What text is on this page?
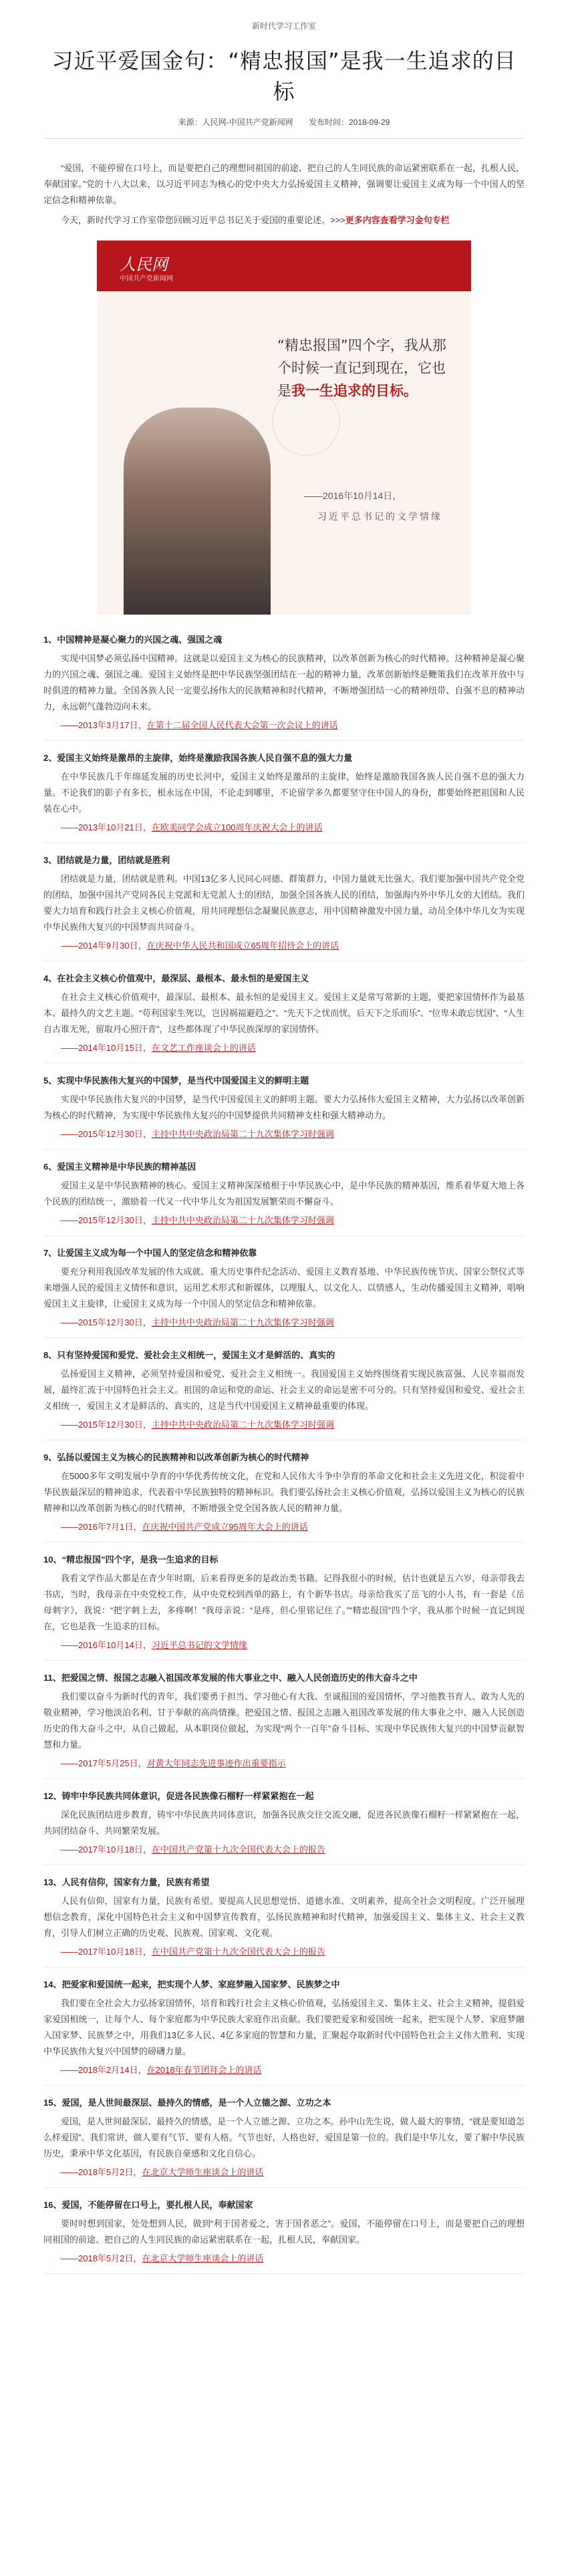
新时代学习工作室
习近平爱国金句：“精忠报国”是我一生追求的目标
来源：人民网-中国共产党新闻网 发布时间：2018-09-29

“爱国，不能停留在口号上，而是要把自己的理想同祖国的前途、把自己的人生同民族的命运紧密联系在一起，扎根人民，奉献国家。”党的十八大以来，以习近平同志为核心的党中央大力弘扬爱国主义精神，强调要让爱国主义成为每一个中国人的坚定信念和精神依靠。

今天，新时代学习工作室带您回顾习近平总书记关于爱国的重要论述。>>>更多内容查看学习金句专栏

人民网
中国共产党新闻网
“精忠报国”四个字，我从那个时候一直记到现在，它也是我一生追求的目标。
——2016年10月14日，
习近平总书记的文学情缘

1、中国精神是凝心聚力的兴国之魂、强国之魂

实现中国梦必须弘扬中国精神。这就是以爱国主义为核心的民族精神，以改革创新为核心的时代精神。这种精神是凝心聚力的兴国之魂、强国之魂。爱国主义始终是把中华民族坚强团结在一起的精神力量，改革创新始终是鞭策我们在改革开放中与时俱进的精神力量。全国各族人民一定要弘扬伟大的民族精神和时代精神，不断增强团结一心的精神纽带、自强不息的精神动力，永远朝气蓬勃迈向未来。

——2013年3月17日，在第十二届全国人民代表大会第一次会议上的讲话

2、爱国主义始终是激昂的主旋律，始终是激励我国各族人民自强不息的强大力量

在中华民族几千年绵延发展的历史长河中，爱国主义始终是激昂的主旋律，始终是激励我国各族人民自强不息的强大力量。不论我们的影子有多长，根永远在中国，不论走到哪里，不论留学多久都要坚守住中国人的身份，都要始终把祖国和人民装在心中。

——2013年10月21日，在欧美同学会成立100周年庆祝大会上的讲话

3、团结就是力量，团结就是胜利

团结就是力量，团结就是胜利。中国13亿多人民同心同德、群策群力，中国力量就无比强大。我们要加强中国共产党全党的团结，加强中国共产党同各民主党派和无党派人士的团结，加强全国各族人民的团结，加强海内外中华儿女的大团结。我们要大力培育和践行社会主义核心价值观，用共同理想信念凝聚民族意志，用中国精神激发中国力量，动员全体中华儿女为实现中华民族伟大复兴的中国梦而共同奋斗。

——2014年9月30日，在庆祝中华人民共和国成立65周年招待会上的讲话

4、在社会主义核心价值观中，最深层、最根本、最永恒的是爱国主义

在社会主义核心价值观中，最深层、最根本、最永恒的是爱国主义。爱国主义是常写常新的主题，要把家国情怀作为最基本、最持久的文艺主题。“苟利国家生死以，岂因祸福避趋之”、“先天下之忧而忧，后天下之乐而乐”、“位卑未敢忘忧国”、“人生自古谁无死，留取丹心照汗青”，这些都体现了中华民族深厚的家国情怀。

——2014年10月15日，在文艺工作座谈会上的讲话

5、实现中华民族伟大复兴的中国梦，是当代中国爱国主义的鲜明主题

实现中华民族伟大复兴的中国梦，是当代中国爱国主义的鲜明主题。要大力弘扬伟大爱国主义精神，大力弘扬以改革创新为核心的时代精神，为实现中华民族伟大复兴的中国梦提供共同精神支柱和强大精神动力。

——2015年12月30日，主持中共中央政治局第二十九次集体学习时强调

6、爱国主义精神是中华民族的精神基因

爱国主义是中华民族精神的核心。爱国主义精神深深植根于中华民族心中，是中华民族的精神基因，维系着华夏大地上各个民族的团结统一，激励着一代又一代中华儿女为祖国发展繁荣而不懈奋斗。

——2015年12月30日，主持中共中央政治局第二十九次集体学习时强调

7、让爱国主义成为每一个中国人的坚定信念和精神依靠

要充分利用我国改革发展的伟大成就、重大历史事件纪念活动、爱国主义教育基地、中华民族传统节庆、国家公祭仪式等来增强人民的爱国主义情怀和意识，运用艺术形式和新媒体，以理服人、以文化人、以情感人，生动传播爱国主义精神，唱响爱国主义主旋律，让爱国主义成为每一个中国人的坚定信念和精神依靠。

——2015年12月30日，主持中共中央政治局第二十九次集体学习时强调

8、只有坚持爱国和爱党、爱社会主义相统一，爱国主义才是鲜活的、真实的

弘扬爱国主义精神，必须坚持爱国和爱党、爱社会主义相统一。我国爱国主义始终围绕着实现民族富强、人民幸福而发展，最终汇流于中国特色社会主义。祖国的命运和党的命运、社会主义的命运是密不可分的。只有坚持爱国和爱党、爱社会主义相统一，爱国主义才是鲜活的、真实的，这是当代中国爱国主义精神最重要的体现。

——2015年12月30日，主持中共中央政治局第二十九次集体学习时强调

9、弘扬以爱国主义为核心的民族精神和以改革创新为核心的时代精神

在5000多年文明发展中孕育的中华优秀传统文化，在党和人民伟大斗争中孕育的革命文化和社会主义先进文化，积淀着中华民族最深层的精神追求，代表着中华民族独特的精神标识。我们要弘扬社会主义核心价值观，弘扬以爱国主义为核心的民族精神和以改革创新为核心的时代精神，不断增强全党全国各族人民的精神力量。

——2016年7月1日，在庆祝中国共产党成立95周年大会上的讲话

10、“精忠报国”四个字，是我一生追求的目标

我看文学作品大都是在青少年时期，后来看得更多的是政治类书籍。记得我很小的时候，估计也就是五六岁，母亲带我去书店，当时，我母亲在中央党校工作，从中央党校到西单的路上，有个新华书店。母亲给我买了岳飞的小人书，有一套是《岳母刺字》，我说：“把字刺上去，多疼啊！”我母亲说：“是疼，但心里铭记住了。”“精忠报国”四个字，我从那个时候一直记到现在，它也是我一生追求的目标。

——2016年10月14日，习近平总书记的文学情缘

11、把爱国之情、报国之志融入祖国改革发展的伟大事业之中、融入人民创造历史的伟大奋斗之中

我们要以奋斗为新时代的青年，我们要勇于担当、学习他心有大我、至诚报国的爱国情怀，学习他教书育人、敢为人先的敬业精神，学习他淡泊名利、甘于奉献的高尚情操。把爱国之情、报国之志融入祖国改革发展的伟大事业之中、融入人民创造历史的伟大奋斗之中，从自己做起，从本职岗位做起，为实现“两个一百年”奋斗目标、实现中华民族伟大复兴的中国梦贡献智慧和力量。

——2017年5月25日，对黄大年同志先进事迹作出重要指示

12、铸牢中华民族共同体意识，促进各民族像石榴籽一样紧紧抱在一起

深化民族团结进步教育，铸牢中华民族共同体意识，加强各民族交往交流交融，促进各民族像石榴籽一样紧紧抱在一起，共同团结奋斗、共同繁荣发展。

——2017年10月18日，在中国共产党第十九次全国代表大会上的报告

13、人民有信仰，国家有力量，民族有希望

人民有信仰，国家有力量，民族有希望。要提高人民思想觉悟、道德水准、文明素养，提高全社会文明程度。广泛开展理想信念教育，深化中国特色社会主义和中国梦宣传教育，弘扬民族精神和时代精神，加强爱国主义、集体主义、社会主义教育，引导人们树立正确的历史观、民族观、国家观、文化观。

——2017年10月18日，在中国共产党第十九次全国代表大会上的报告

14、把爱家和爱国统一起来，把实现个人梦、家庭梦融入国家梦、民族梦之中

我们要在全社会大力弘扬家国情怀，培育和践行社会主义核心价值观，弘扬爱国主义、集体主义、社会主义精神，提倡爱家爱国相统一，让每个人、每个家庭都为中华民族大家庭作出贡献。我们要把爱家和爱国统一起来，把实现个人梦、家庭梦融入国家梦、民族梦之中，用我们13亿多人民、4亿多家庭的智慧和力量，汇聚起夺取新时代中国特色社会主义伟大胜利、实现中华民族伟大复兴中国梦的磅礴力量。

——2018年2月14日，在2018年春节团拜会上的讲话

15、爱国，是人世间最深层、最持久的情感，是一个人立德之源、立功之本

爱国，是人世间最深层、最持久的情感，是一个人立德之源、立功之本。孙中山先生说，做人最大的事情，“就是要知道怎么样爱国”。我们常讲，做人要有气节、要有人格。气节也好，人格也好，爱国是第一位的。我们是中华儿女，要了解中华民族历史，秉承中华文化基因，有民族自豪感和文化自信心。

——2018年5月2日，在北京大学师生座谈会上的讲话

16、爱国，不能停留在口号上，要扎根人民，奉献国家

要时时想到国家，处处想到人民，做到“利于国者爱之，害于国者恶之”。爱国，不能停留在口号上，而是要把自己的理想同祖国的前途、把自己的人生同民族的命运紧密联系在一起，扎根人民，奉献国家。

——2018年5月2日，在北京大学师生座谈会上的讲话
